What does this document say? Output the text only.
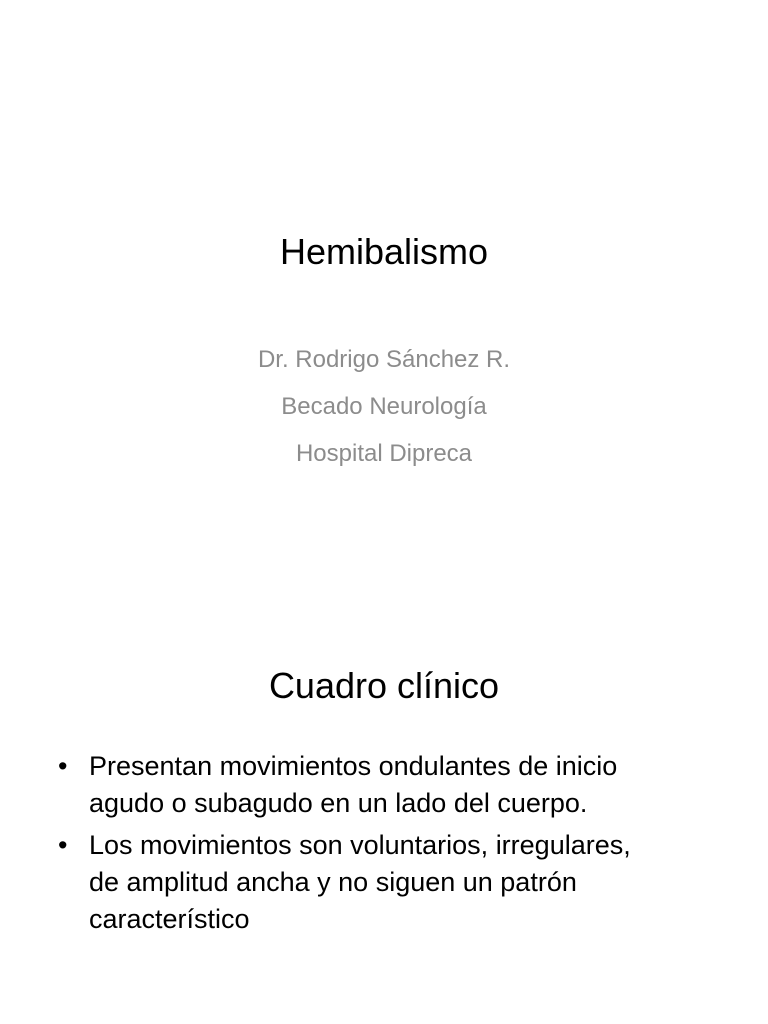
Hemibalismo
Dr. Rodrigo Sánchez R.
Becado Neurología
Hospital Dipreca
Cuadro clínico
• Presentan movimientos ondulantes de inicio
agudo o subagudo en un lado del cuerpo.
• Los movimientos son voluntarios, irregulares,
de amplitud ancha y no siguen un patrón
característico
